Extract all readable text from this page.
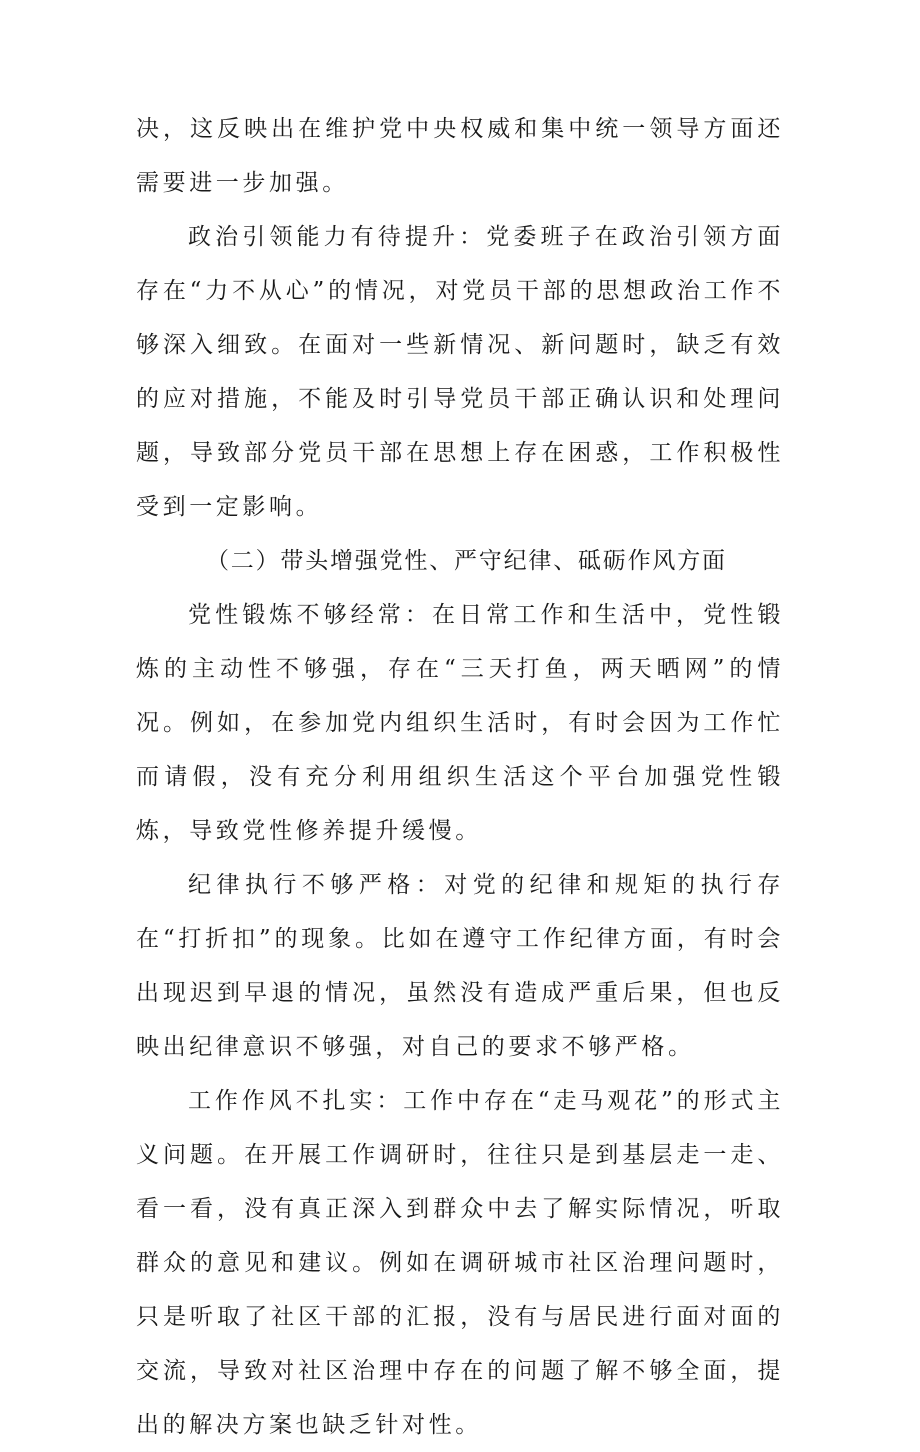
决，这反映出在维护党中央权威和集中统一领导方面还需要进一步加强。

政治引领能力有待提升：党委班子在政治引领方面存在“力不从心”的情况，对党员干部的思想政治工作不够深入细致。在面对一些新情况、新问题时，缺乏有效的应对措施，不能及时引导党员干部正确认识和处理问题，导致部分党员干部在思想上存在困惑，工作积极性受到一定影响。

（二）带头增强党性、严守纪律、砥砺作风方面

党性锻炼不够经常：在日常工作和生活中，党性锻炼的主动性不够强，存在“三天打鱼，两天晒网”的情况。例如，在参加党内组织生活时，有时会因为工作忙而请假，没有充分利用组织生活这个平台加强党性锻炼，导致党性修养提升缓慢。

纪律执行不够严格：对党的纪律和规矩的执行存在“打折扣”的现象。比如在遵守工作纪律方面，有时会出现迟到早退的情况，虽然没有造成严重后果，但也反映出纪律意识不够强，对自己的要求不够严格。

工作作风不扎实：工作中存在“走马观花”的形式主义问题。在开展工作调研时，往往只是到基层走一走、看一看，没有真正深入到群众中去了解实际情况，听取群众的意见和建议。例如在调研城市社区治理问题时，只是听取了社区干部的汇报，没有与居民进行面对面的交流，导致对社区治理中存在的问题了解不够全面，提出的解决方案也缺乏针对性。
